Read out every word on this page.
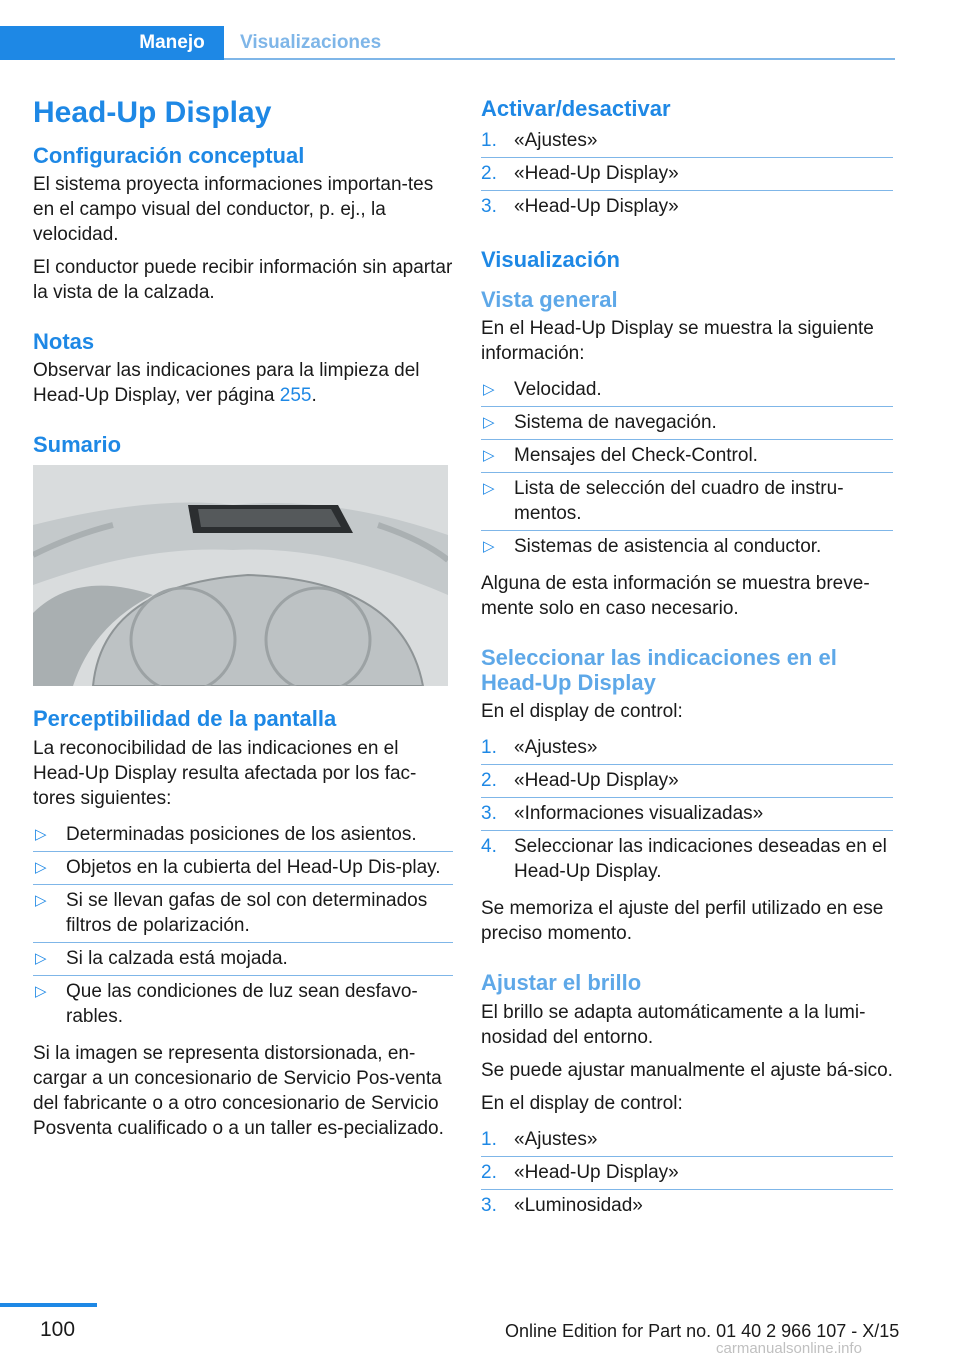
Manejo	Visualizaciones
Head-Up Display
Configuración conceptual

El sistema proyecta informaciones importan-tes en el campo visual del conductor, p. ej., la velocidad.

El conductor puede recibir información sin apartar la vista de la calzada.

Notas

Observar las indicaciones para la limpieza del Head-Up Display, ver página 255.

Sumario
Perceptibilidad de la pantalla

La reconocibilidad de las indicaciones en el Head-Up Display resulta afectada por los fac-tores siguientes:

▷ Determinadas posiciones de los asientos.
▷ Objetos en la cubierta del Head-Up Dis-play.
▷ Si se llevan gafas de sol con determinados filtros de polarización.
▷ Si la calzada está mojada.
▷ Que las condiciones de luz sean desfavo-rables.

Si la imagen se representa distorsionada, en-cargar a un concesionario de Servicio Pos-venta del fabricante o a otro concesionario de Servicio Posventa cualificado o a un taller es-pecializado.

Activar/desactivar
1. «Ajustes»
2. «Head-Up Display»
3. «Head-Up Display»
Visualización
Vista general

En el Head-Up Display se muestra la siguiente información:

▷ Velocidad.
▷ Sistema de navegación.
▷ Mensajes del Check-Control.
▷ Lista de selección del cuadro de instru-mentos.
▷ Sistemas de asistencia al conductor.

Alguna de esta información se muestra breve-mente solo en caso necesario.

Seleccionar las indicaciones en el Head-Up Display

En el display de control:

1. «Ajustes»
2. «Head-Up Display»
3. «Informaciones visualizadas»
4. Seleccionar las indicaciones deseadas en el Head-Up Display.

Se memoriza el ajuste del perfil utilizado en ese preciso momento.

Ajustar el brillo

El brillo se adapta automáticamente a la lumi-nosidad del entorno.

Se puede ajustar manualmente el ajuste bá-sico.

En el display de control:

1. «Ajustes»
2. «Head-Up Display»
3. «Luminosidad»
100	Online Edition for Part no. 01 40 2 966 107 - X/15
carmanualsonline.info
